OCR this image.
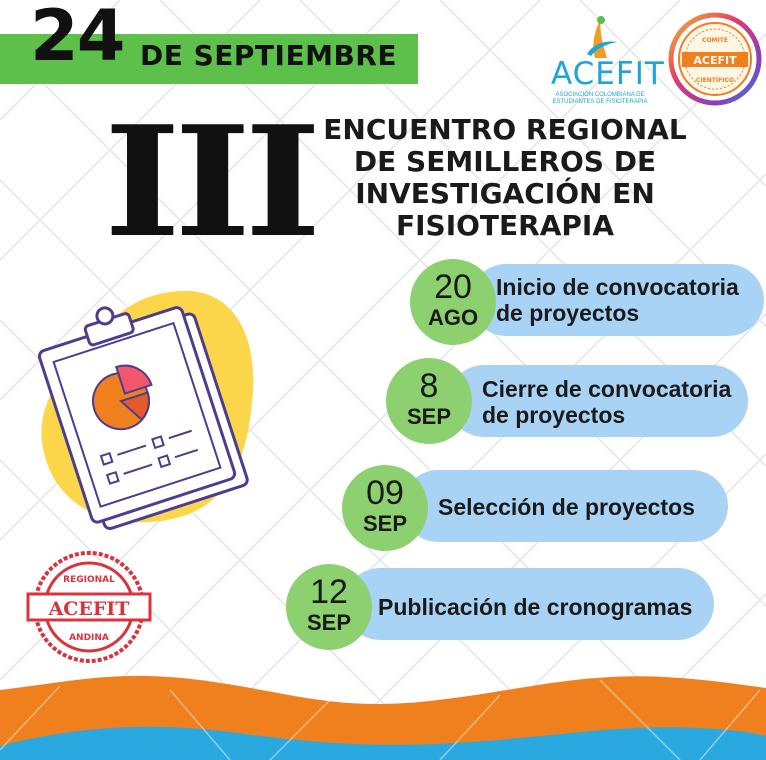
24 DE SEPTIEMBRE
ACEFIT
ASOCIACIÓN COLOMBIANA DE ESTUDIANTES DE FISIOTERAPIA
ACEFIT
COMITÉ
CIENTÍFICO
III ENCUENTRO REGIONAL
DE SEMILLEROS DE
INVESTIGACIÓN EN
FISIOTERAPIA
Inicio de convocatoria
de proyectos
20
AGO
Cierre de convocatoria
de proyectos
8
SEP
Selección de proyectos
09
SEP
Publicación de cronogramas
12
SEP
ACEFIT
REGIONAL
ANDINA
